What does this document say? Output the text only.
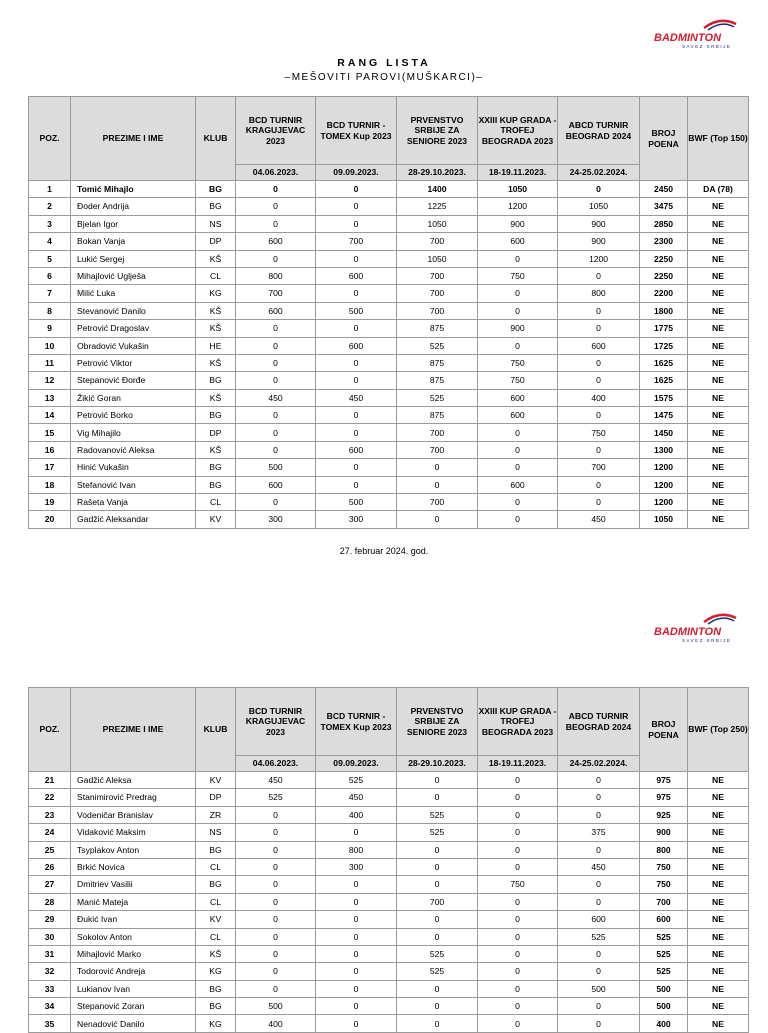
BADMINTON
SAVEZ SRBIJE
RANG LISTA
–MEŠOVITI PAROVI(MUŠKARCI)–
POZ.	PREZIME I IME	KLUB	BCD TURNIR KRAGUJEVAC 2023	BCD TURNIR - TOMEX Kup 2023	PRVENSTVO SRBIJE ZA SENIORE 2023	XXIII KUP GRADA - TROFEJ BEOGRADA 2023	ABCD TURNIR BEOGRAD 2024	BROJ POENA	BWF (Top 150)
			04.06.2023.	09.09.2023.	28-29.10.2023.	18-19.11.2023.	24-25.02.2024.		
1	Tomić Mihajlo	BG	0	0	1400	1050	0	2450	DA (78)
2	Đoder Andrija	BG	0	0	1225	1200	1050	3475	NE
3	Bjelan Igor	NS	0	0	1050	900	900	2850	NE
4	Bokan Vanja	DP	600	700	700	600	900	2300	NE
5	Lukić Sergej	KŠ	0	0	1050	0	1200	2250	NE
6	Mihajlović Uglješa	CL	800	600	700	750	0	2250	NE
7	Milić Luka	KG	700	0	700	0	800	2200	NE
8	Stevanović Danilo	KŠ	600	500	700	0	0	1800	NE
9	Petrović Dragoslav	KŠ	0	0	875	900	0	1775	NE
10	Obradović Vukašin	HE	0	600	525	0	600	1725	NE
11	Petrović Viktor	KŠ	0	0	875	750	0	1625	NE
12	Stepanović Đorđe	BG	0	0	875	750	0	1625	NE
13	Žikić Goran	KŠ	450	450	525	600	400	1575	NE
14	Petrović Borko	BG	0	0	875	600	0	1475	NE
15	Vig Mihajilo	DP	0	0	700	0	750	1450	NE
16	Radovanović Aleksa	KŠ	0	600	700	0	0	1300	NE
17	Hinić Vukašin	BG	500	0	0	0	700	1200	NE
18	Stefanović Ivan	BG	600	0	0	600	0	1200	NE
19	Rašeta Vanja	CL	0	500	700	0	0	1200	NE
20	Gadžić Aleksandar	KV	300	300	0	0	450	1050	NE
27. februar 2024. god.
BADMINTON
SAVEZ SRBIJE
POZ.	PREZIME I IME	KLUB	BCD TURNIR KRAGUJEVAC 2023	BCD TURNIR - TOMEX Kup 2023	PRVENSTVO SRBIJE ZA SENIORE 2023	XXIII KUP GRADA - TROFEJ BEOGRADA 2023	ABCD TURNIR BEOGRAD 2024	BROJ POENA	BWF (Top 250)
			04.06.2023.	09.09.2023.	28-29.10.2023.	18-19.11.2023.	24-25.02.2024.		
21	Gadžić Aleksa	KV	450	525	0	0	0	975	NE
22	Stanimirović Predrag	DP	525	450	0	0	0	975	NE
23	Vodeničar Branislav	ZR	0	400	525	0	0	925	NE
24	Vidaković Maksim	NS	0	0	525	0	375	900	NE
25	Tsyplakov Anton	BG	0	800	0	0	0	800	NE
26	Brkić Novica	CL	0	300	0	0	450	750	NE
27	Dmitriev Vasilii	BG	0	0	0	750	0	750	NE
28	Manić Mateja	CL	0	0	700	0	0	700	NE
29	Đukić Ivan	KV	0	0	0	0	600	600	NE
30	Sokolov Anton	CL	0	0	0	0	525	525	NE
31	Mihajlović Marko	KŠ	0	0	525	0	0	525	NE
32	Todorović Andreja	KG	0	0	525	0	0	525	NE
33	Lukianov Ivan	BG	0	0	0	0	500	500	NE
34	Stepanović Zoran	BG	500	0	0	0	0	500	NE
35	Nenadović Danilo	KG	400	0	0	0	0	400	NE
